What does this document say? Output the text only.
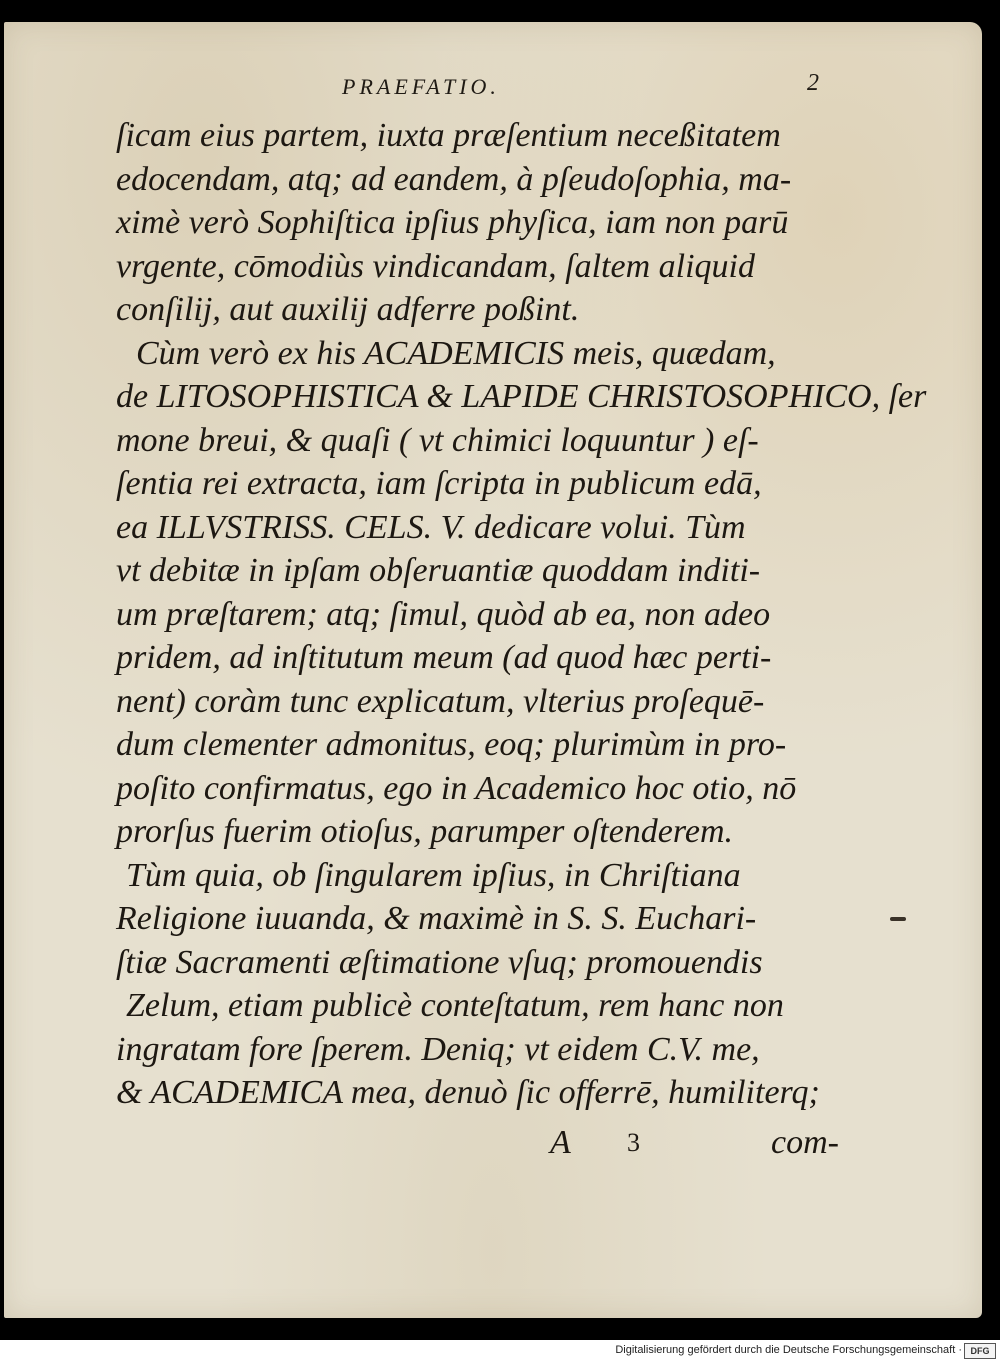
PRAEFATIO.	2
ſicam eius partem, iuxta præſentium neceßitatem
edocendam, atq; ad eandem, à pſeudoſophia, ma-
ximè verò Sophiſtica ipſius phyſica, iam non parū
vrgente, cōmodiùs vindicandam, ſaltem aliquid
conſilij, aut auxilij adferre poßint.
Cùm verò ex his ACADEMICIS meis, quædam,
de LITOSOPHISTICA & LAPIDE CHRISTOSOPHICO, ſer
mone breui, & quaſi ( vt chimici loquuntur ) eſ-
ſentia rei extracta, iam ſcripta in publicum edā,
ea ILLVSTRISS. CELS. V. dedicare volui. Tùm
vt debitæ in ipſam obſeruantiæ quoddam inditi-
um præſtarem; atq; ſimul, quòd ab ea, non adeo
pridem, ad inſtitutum meum (ad quod hæc perti-
nent) coràm tunc explicatum, vlterius proſequē-
dum clementer admonitus, eoq; plurimùm in pro-
poſito confirmatus, ego in Academico hoc otio, nō
prorſus fuerim otioſus, parumper oſtenderem.
Tùm quia, ob ſingularem ipſius, in Chriſtiana
Religione iuuanda, & maximè in S. S. Euchari-
ſtiæ Sacramenti æſtimatione vſuq; promouendis
Zelum, etiam publicè conteſtatum, rem hanc non
ingratam fore ſperem. Deniq; vt eidem C.V. me,
& ACADEMICA mea, denuò ſic offerrē, humiliterq;
A 3	com-
Digitalisierung gefördert durch die Deutsche Forschungsgemeinschaft · DFG
